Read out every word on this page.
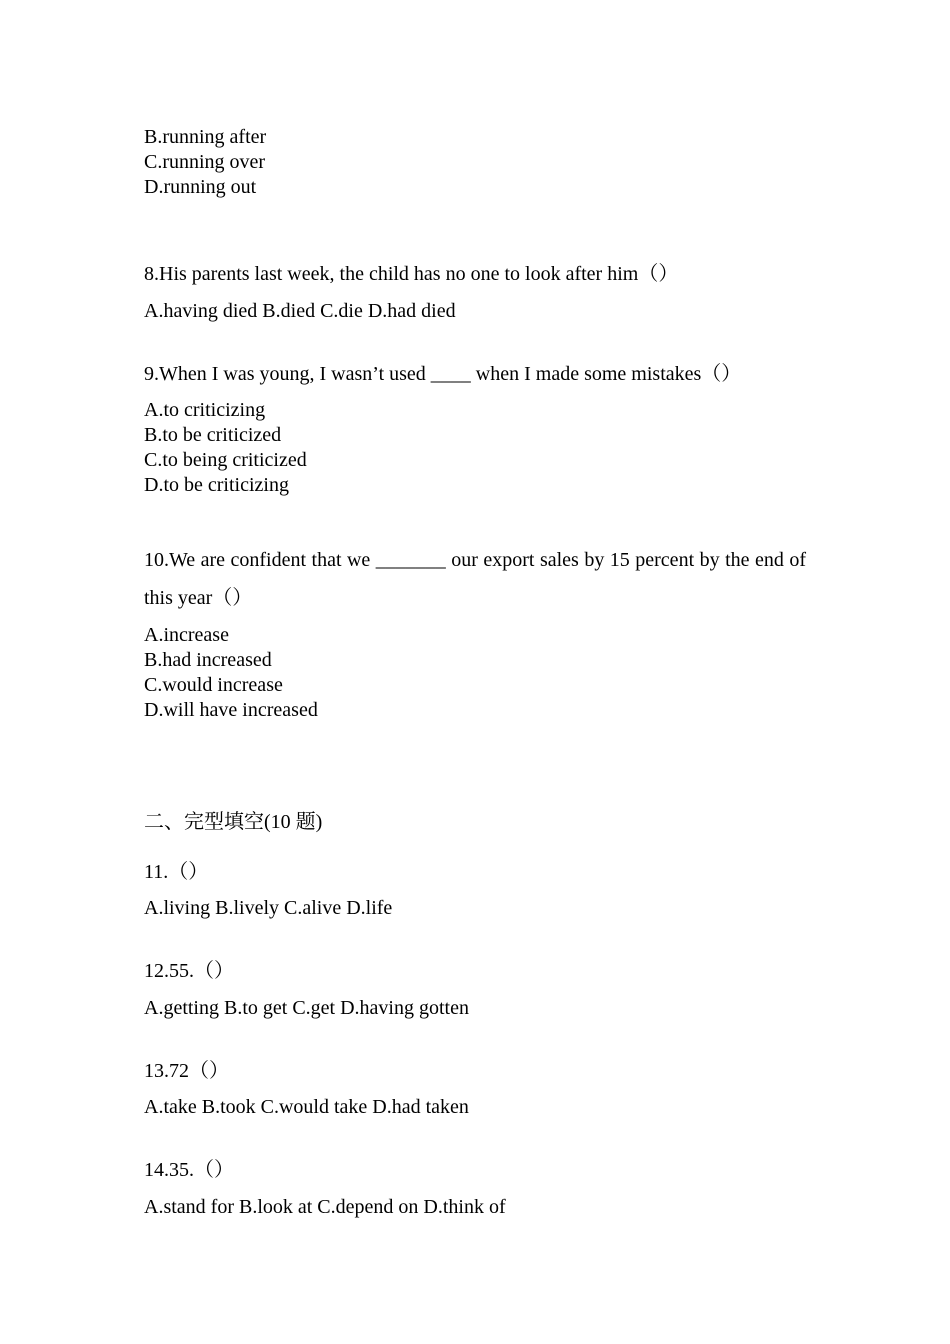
B.running after
C.running over
D.running out
8.His parents last week, the child has no one to look after him（）
A.having died B.died C.die D.had died
9.When I was young, I wasn’t used ____ when I made some mistakes（）
A.to criticizing
B.to be criticized
C.to being criticized
D.to be criticizing
10.We are confident that we _______ our export sales by 15 percent by the end of this year（）
A.increase
B.had increased
C.would increase
D.will have increased
二、完型填空(10 题)
11.（）
A.living B.lively C.alive D.life
12.55.（）
A.getting B.to get C.get D.having gotten
13.72（）
A.take B.took C.would take D.had taken
14.35.（）
A.stand for B.look at C.depend on D.think of
